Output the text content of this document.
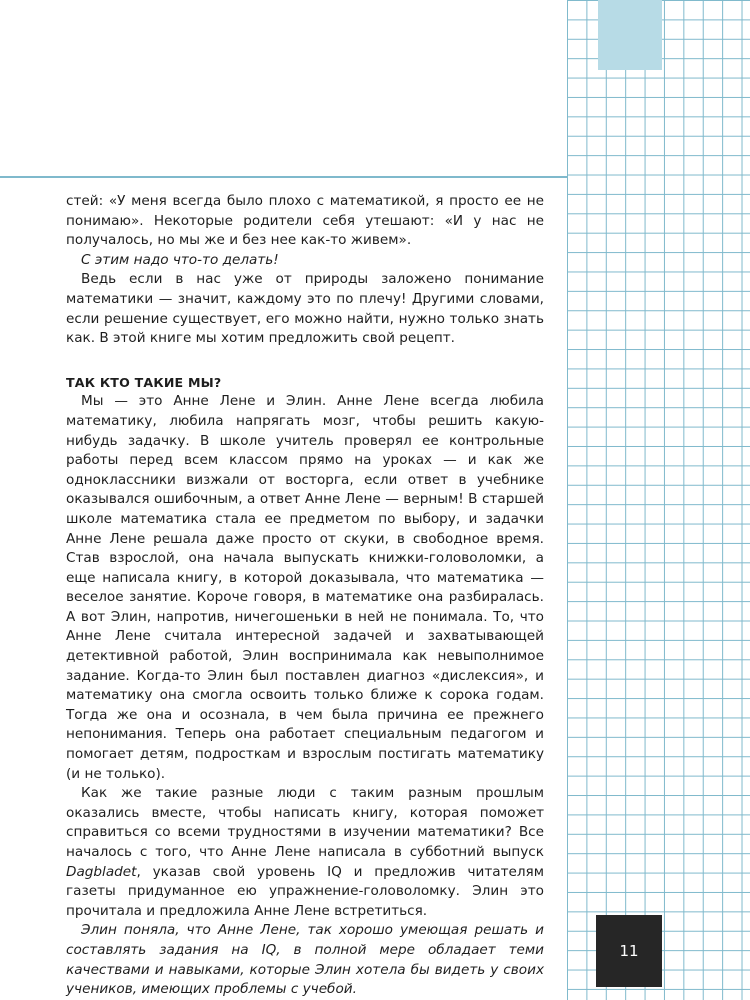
стей: «У меня всегда было плохо с математикой, я просто ее не понимаю». Некоторые родители себя утешают: «И у нас не получалось, но мы же и без нее как-то живем».

С этим надо что-то делать!

Ведь если в нас уже от природы заложено понимание математики — значит, каждому это по плечу! Другими словами, если решение существует, его можно найти, нужно только знать как. В этой книге мы хотим предложить свой рецепт.

ТАК КТО ТАКИЕ МЫ?

Мы — это Анне Лене и Элин. Анне Лене всегда любила математику, любила напрягать мозг, чтобы решить какую-нибудь задачку. В школе учитель проверял ее контрольные работы перед всем классом прямо на уроках — и как же одноклассники визжали от восторга, если ответ в учебнике оказывался ошибочным, а ответ Анне Лене — верным! В старшей школе математика стала ее предметом по выбору, и задачки Анне Лене решала даже просто от скуки, в свободное время. Став взрослой, она начала выпускать книжки-головоломки, а еще написала книгу, в которой доказывала, что математика — веселое занятие. Короче говоря, в математике она разбиралась. А вот Элин, напротив, ничегошеньки в ней не понимала. То, что Анне Лене считала интересной задачей и захватывающей детективной работой, Элин воспринимала как невыполнимое задание. Когда-то Элин был поставлен диагноз «дислексия», и математику она смогла освоить только ближе к сорока годам. Тогда же она и осознала, в чем была причина ее прежнего непонимания. Теперь она работает специальным педагогом и помогает детям, подросткам и взрослым постигать математику (и не только).

Как же такие разные люди с таким разным прошлым оказались вместе, чтобы написать книгу, которая поможет справиться со всеми трудностями в изучении математики? Все началось с того, что Анне Лене написала в субботний выпуск Dagbladet, указав свой уровень IQ и предложив читателям газеты придуманное ею упражнение-головоломку. Элин это прочитала и предложила Анне Лене встретиться.

Элин поняла, что Анне Лене, так хорошо умеющая решать и составлять задания на IQ, в полной мере обладает теми качествами и навыками, которые Элин хотела бы видеть у своих учеников, имеющих проблемы с учебой.

11
